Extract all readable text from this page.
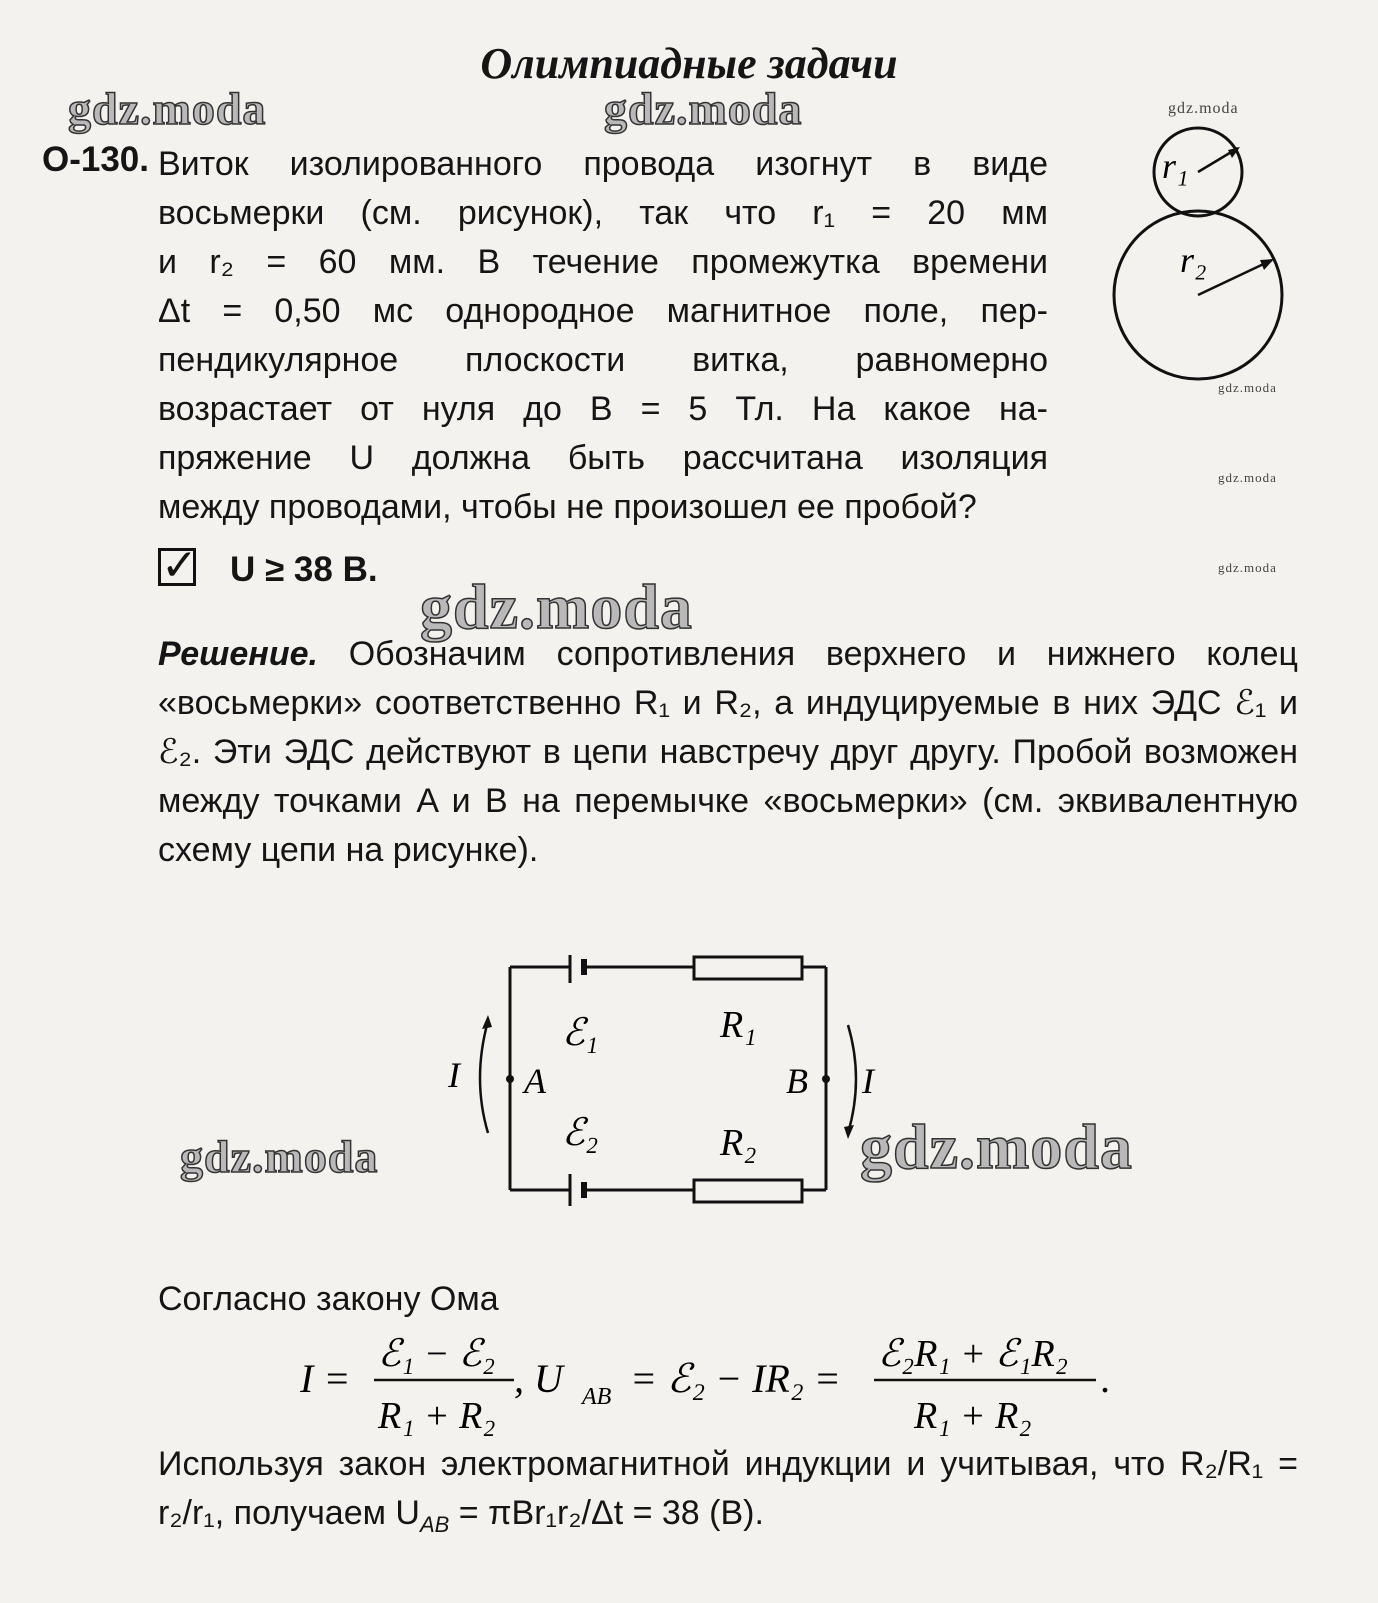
Олимпиадные задачи
gdz.moda	gdz.moda	gdz.moda
gdz.moda
gdz.moda
gdz.moda
gdz.moda
gdz.moda	gdz.moda
О-130. Виток изолированного провода изогнут в виде
восьмерки (см. рисунок), так что r₁ = 20 мм
и r₂ = 60 мм. В течение промежутка времени
Δt = 0,50 мс однородное магнитное поле, пер-
пендикулярное плоскости витка, равномерно
возрастает от нуля до B = 5 Тл. На какое на-
пряжение U должна быть рассчитана изоляция
между проводами, чтобы не произошел ее пробой?
r₁
r₂
✓ U ≥ 38 В.

Решение. Обозначим сопротивления верхнего и нижнего колец «восьмерки» соответственно R₁ и R₂, а индуцируемые в них ЭДС ℰ₁ и ℰ₂. Эти ЭДС действуют в цепи навстречу друг другу. Пробой возможен между точками A и B на перемычке «восьмерки» (см. эквивалентную схему цепи на рисунке).

ℰ₁	R₁
ℰ₂	R₂
A	B
I	I
Согласно закону Ома
I =
ℰ₁ − ℰ₂
R₁ + R₂
, U AB = ℰ₂ − IR₂ =
ℰ₂R₁ + ℰ₁R₂
R₁ + R₂
.
Используя закон электромагнитной индукции и учитывая, что R₂/R₁ = r₂/r₁, получаем $U_{AB} = \pi Br_1r_2/\Delta t = 38$ (В).
